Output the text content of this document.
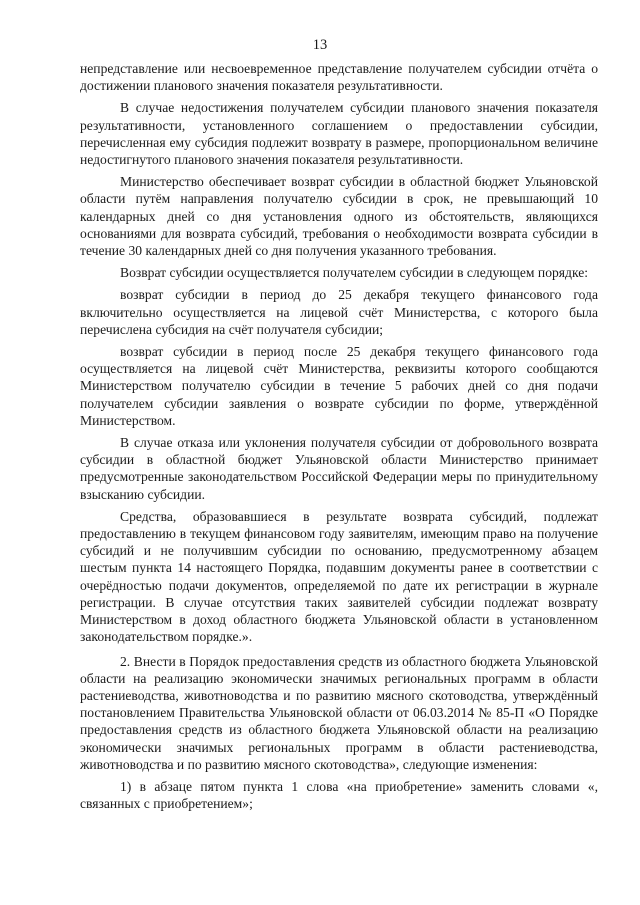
13

непредставление или несвоевременное представление получателем субсидии отчёта о достижении планового значения показателя результативности.

В случае недостижения получателем субсидии планового значения показателя результативности, установленного соглашением о предоставлении субсидии, перечисленная ему субсидия подлежит возврату в размере, пропорциональном величине недостигнутого планового значения показателя результативности.

Министерство обеспечивает возврат субсидии в областной бюджет Ульяновской области путём направления получателю субсидии в срок, не превышающий 10 календарных дней со дня установления одного из обстоятельств, являющихся основаниями для возврата субсидий, требования о необходимости возврата субсидии в течение 30 календарных дней со дня получения указанного требования.

Возврат субсидии осуществляется получателем субсидии в следующем порядке:

возврат субсидии в период до 25 декабря текущего финансового года включительно осуществляется на лицевой счёт Министерства, с которого была перечислена субсидия на счёт получателя субсидии;

возврат субсидии в период после 25 декабря текущего финансового года осуществляется на лицевой счёт Министерства, реквизиты которого сообщаются Министерством получателю субсидии в течение 5 рабочих дней со дня подачи получателем субсидии заявления о возврате субсидии по форме, утверждённой Министерством.

В случае отказа или уклонения получателя субсидии от добровольного возврата субсидии в областной бюджет Ульяновской области Министерство принимает предусмотренные законодательством Российской Федерации меры по принудительному взысканию субсидии.

Средства, образовавшиеся в результате возврата субсидий, подлежат предоставлению в текущем финансовом году заявителям, имеющим право на получение субсидий и не получившим субсидии по основанию, предусмотренному абзацем шестым пункта 14 настоящего Порядка, подавшим документы ранее в соответствии с очерёдностью подачи документов, определяемой по дате их регистрации в журнале регистрации. В случае отсутствия таких заявителей субсидии подлежат возврату Министерством в доход областного бюджета Ульяновской области в установленном законодательством порядке.».

2. Внести в Порядок предоставления средств из областного бюджета Ульяновской области на реализацию экономически значимых региональных программ в области растениеводства, животноводства и по развитию мясного скотоводства, утверждённый постановлением Правительства Ульяновской области от 06.03.2014 № 85-П «О Порядке предоставления средств из областного бюджета Ульяновской области на реализацию экономически значимых региональных программ в области растениеводства, животноводства и по развитию мясного скотоводства», следующие изменения:

1) в абзаце пятом пункта 1 слова «на приобретение» заменить словами «, связанных с приобретением»;
